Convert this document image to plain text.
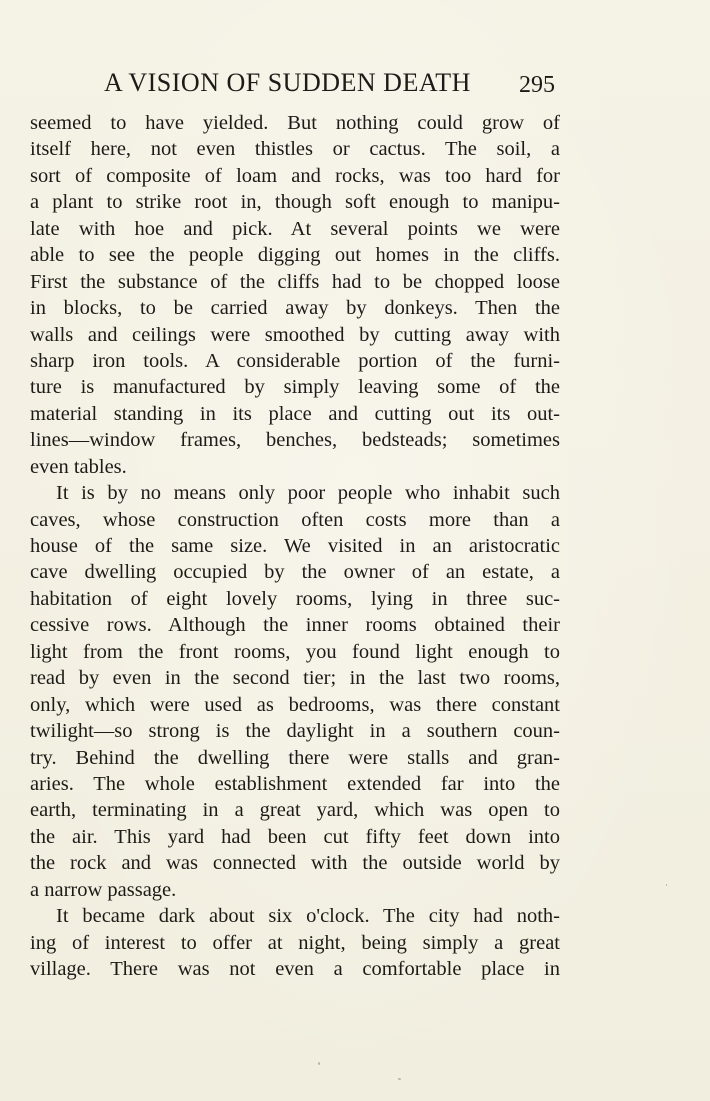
A VISION OF SUDDEN DEATH 295
seemed to have yielded. But nothing could grow of
itself here, not even thistles or cactus. The soil, a
sort of composite of loam and rocks, was too hard for
a plant to strike root in, though soft enough to manipu-
late with hoe and pick. At several points we were
able to see the people digging out homes in the cliffs.
First the substance of the cliffs had to be chopped loose
in blocks, to be carried away by donkeys. Then the
walls and ceilings were smoothed by cutting away with
sharp iron tools. A considerable portion of the furni-
ture is manufactured by simply leaving some of the
material standing in its place and cutting out its out-
lines—window frames, benches, bedsteads; sometimes
even tables.
It is by no means only poor people who inhabit such
caves, whose construction often costs more than a
house of the same size. We visited in an aristocratic
cave dwelling occupied by the owner of an estate, a
habitation of eight lovely rooms, lying in three suc-
cessive rows. Although the inner rooms obtained their
light from the front rooms, you found light enough to
read by even in the second tier; in the last two rooms,
only, which were used as bedrooms, was there constant
twilight—so strong is the daylight in a southern coun-
try. Behind the dwelling there were stalls and gran-
aries. The whole establishment extended far into the
earth, terminating in a great yard, which was open to
the air. This yard had been cut fifty feet down into
the rock and was connected with the outside world by
a narrow passage.
It became dark about six o'clock. The city had noth-
ing of interest to offer at night, being simply a great
village. There was not even a comfortable place in
